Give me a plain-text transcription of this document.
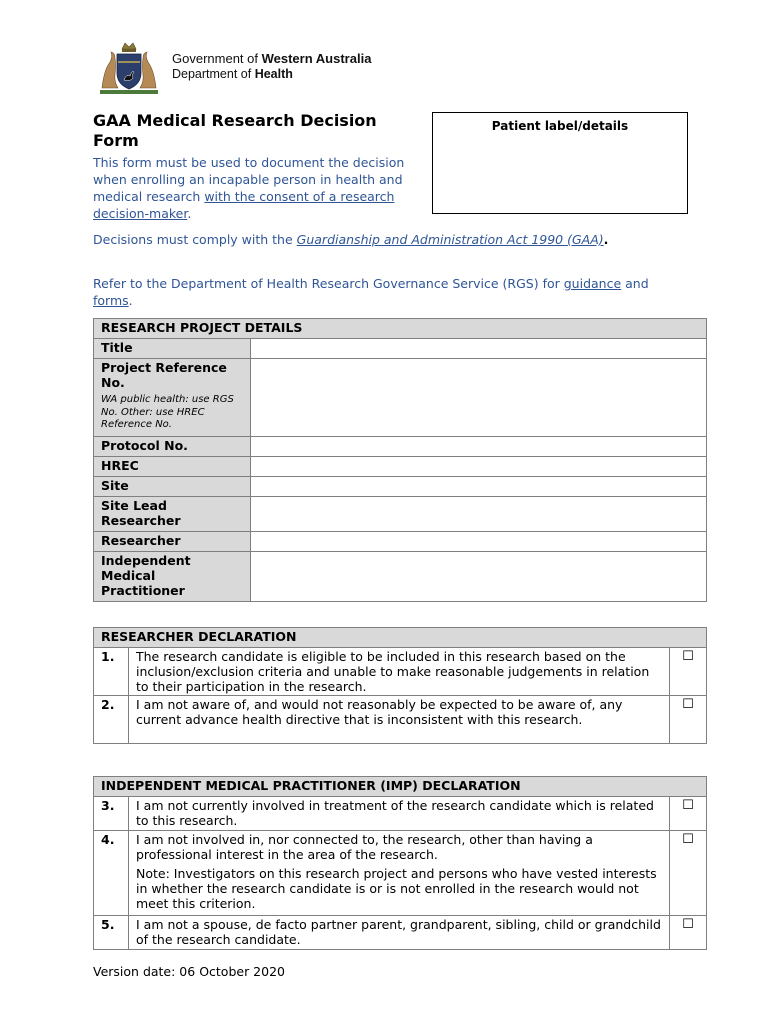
Government of Western Australia
Department of Health
GAA Medical Research Decision Form
This form must be used to document the decision when enrolling an incapable person in health and medical research with the consent of a research decision-maker.
Patient label/details
Decisions must comply with the Guardianship and Administration Act 1990 (GAA).
Refer to the Department of Health Research Governance Service (RGS) for guidance and forms.
RESEARCH PROJECT DETAILS	
Title	
Project Reference No.
WA public health: use RGS No. Other: use HREC Reference No.	

Protocol No.	
HREC	
Site	
Site Lead Researcher	
Researcher	
Independent Medical Practitioner	
RESEARCHER DECLARATION		
1.	The research candidate is eligible to be included in this research based on the inclusion/exclusion criteria and unable to make reasonable judgements in relation to their participation in the research.	☐
2.	I am not aware of, and would not reasonably be expected to be aware of, any current advance health directive that is inconsistent with this research.	☐
INDEPENDENT MEDICAL PRACTITIONER (IMP) DECLARATION		
3.	I am not currently involved in treatment of the research candidate which is related to this research.	☐
4.	I am not involved in, nor connected to, the research, other than having a professional interest in the area of the research.

Note: Investigators on this research project and persons who have vested interests in whether the research candidate is or is not enrolled in the research would not meet this criterion.	☐
5.	I am not a spouse, de facto partner parent, grandparent, sibling, child or grandchild of the research candidate.	☐
Version date: 06 October 2020
